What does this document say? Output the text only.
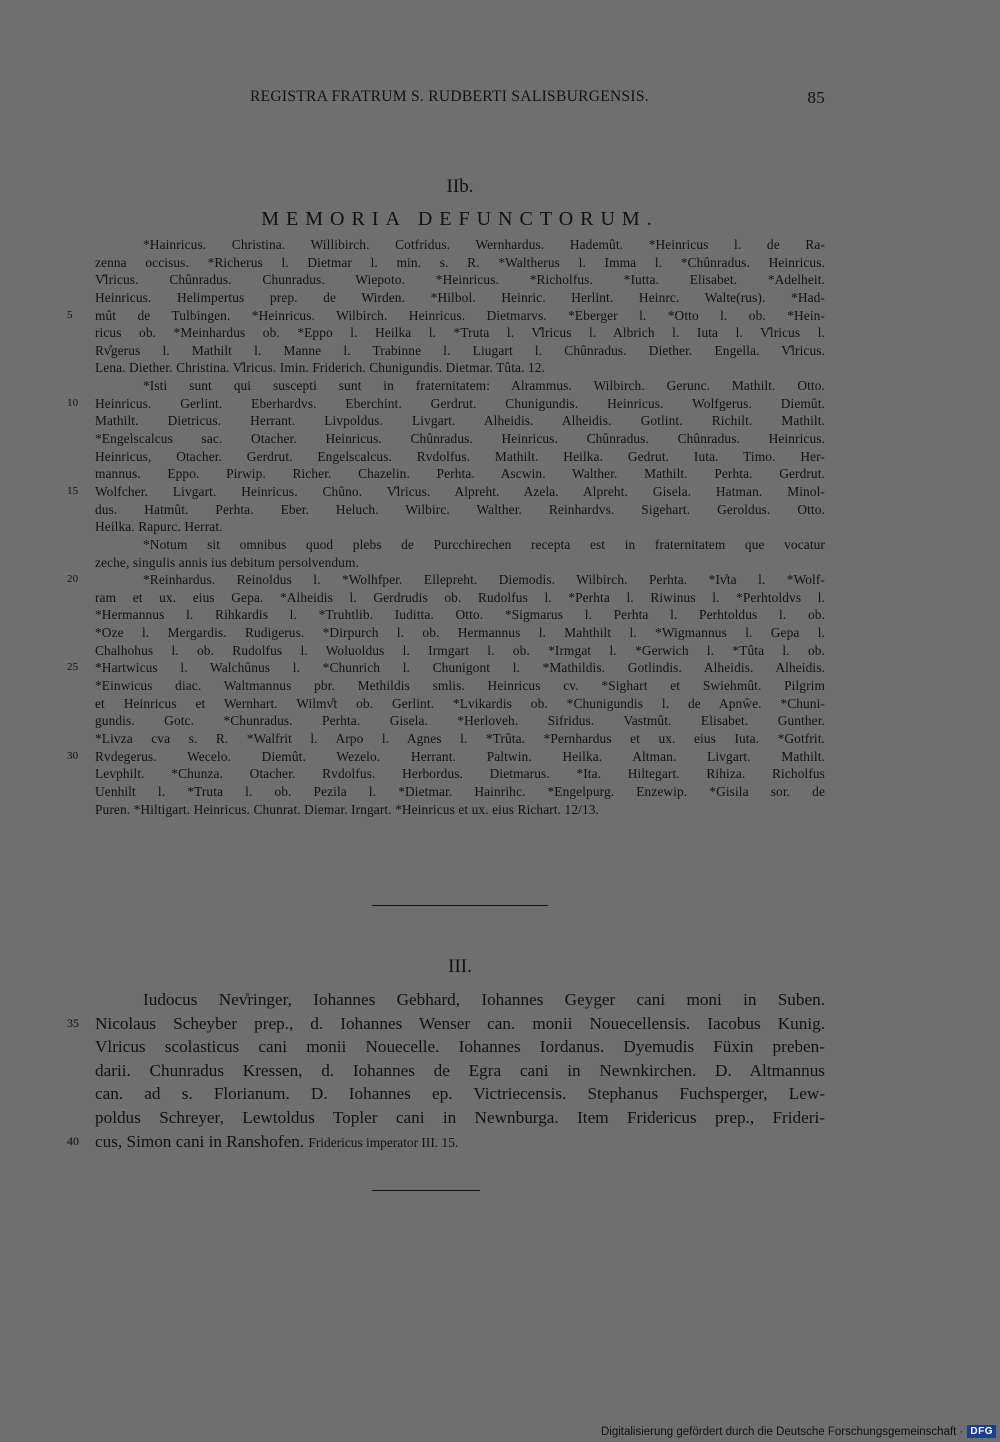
REGISTRA FRATRUM S. RUDBERTI SALISBURGENSIS.	85
IIb.
MEMORIA DEFUNCTORUM.
*Hainricus. Christina. Willibirch. Cotfridus. Wernhardus. Hademût. *Heinricus l. de Ra-
zenna occisus. *Richerus l. Dietmar l. min. s. R. *Waltherus l. Imma l. *Chûnradus. Heinricus.
V̊lricus. Chûnradus. Chunradus. Wiepoto. *Heinricus. *Richolfus. *Iutta. Elisabet. *Adelheit.
Heinricus. Helimpertus prep. de Wirden. *Hilbol. Heinric. Herlint. Heinrc. Walte(rus). *Had-
5	mût de Tulbingen. *Heinricus. Wilbirch. Heinricus. Dietmarvs. *Eberger l. *Otto l. ob. *Hein-
ricus ob. *Meinhardus ob. *Eppo l. Heilka l. *Truta l. V̊lricus l. Albrich l. Iuta l. V̊lricus l.
Rv̊gerus l. Mathilt l. Manne l. Trabinne l. Liugart l. Chûnradus. Diether. Engella. V̊lricus.
Lena. Diether. Christina. V̊lricus. Imin. Friderich. Chunigundis. Dietmar. Tûta. 12.
*Isti sunt qui suscepti sunt in fraternitatem: Alrammus. Wilbirch. Gerunc. Mathilt. Otto.
10	Heinricus. Gerlint. Eberhardvs. Eberchint. Gerdrut. Chunigundis. Heinricus. Wolfgerus. Diemût.
Mathilt. Dietricus. Herrant. Livpoldus. Livgart. Alheidis. Alheidis. Gotlint. Richilt. Mathilt.
*Engelscalcus sac. Otacher. Heinricus. Chûnradus. Heinricus. Chûnradus. Chûnradus. Heinricus.
Heinricus, Otacher. Gerdrut. Engelscalcus. Rvdolfus. Mathilt. Heilka. Gedrut. Iuta. Timo. Her-
mannus. Eppo. Pirwip. Richer. Chazelin. Perhta. Ascwin. Walther. Mathilt. Perhta. Gerdrut.
15	Wolfcher. Livgart. Heinricus. Chûno. V̊lricus. Alpreht. Azela. Alpreht. Gisela. Hatman. Minol-
dus. Hatmût. Perhta. Eber. Heluch. Wilbirc. Walther. Reinhardvs. Sigehart. Geroldus. Otto.
Heilka. Rapurc. Herrat.
*Notum sit omnibus quod plebs de Purcchirechen recepta est in fraternitatem que vocatur
zeche, singulis annis ius debitum persolvendum.
20	*Reinhardus. Reinoldus l. *Wolhfper. Ellepreht. Diemodis. Wilbirch. Perhta. *Iv̊ta l. *Wolf-
ram et ux. eius Gepa. *Alheidis l. Gerdrudis ob. Rudolfus l. *Perhta l. Riwinus l. *Perhtoldvs l.
*Hermannus l. Rihkardis l. *Truhtlib. Iuditta. Otto. *Sigmarus l. Perhta l. Perhtoldus l. ob.
*Oze l. Mergardis. Rudigerus. *Dirpurch l. ob. Hermannus l. Mahthilt l. *Wigmannus l. Gepa l.
Chalhohus l. ob. Rudolfus l. Woluoldus l. Irmgart l. ob. *Irmgat l. *Gerwich l. *Tûta l. ob.
25	*Hartwicus l. Walchûnus l. *Chunrich l. Chunigont l. *Mathildis. Gotlindis. Alheidis. Alheidis.
*Einwicus diac. Waltmannus pbr. Methildis smlis. Heinricus cv. *Sighart et Swiehmût. Pilgrim
et Heinricus et Wernhart. Wilmv̊t ob. Gerlint. *Lvikardis ob. *Chunigundis l. de Apnŵe. *Chuni-
gundis. Gotc. *Chunradus. Perhta. Gisela. *Herloveh. Sifridus. Vastmût. Elisabet. Gunther.
*Livza cva s. R. *Walfrit l. Arpo l. Agnes l. *Trûta. *Pernhardus et ux. eius Iuta. *Gotfrit.
30	Rvdegerus. Wecelo. Diemût. Wezelo. Herrant. Paltwin. Heilka. Altman. Livgart. Mathilt.
Levphilt. *Chunza. Otacher. Rvdolfus. Herbordus. Dietmarus. *Ita. Hiltegart. Rihiza. Richolfus
Uenhilt l. *Truta l. ob. Pezila l. *Dietmar. Hainrihc. *Engelpurg. Enzewip. *Gisila sor. de
Puren. *Hiltigart. Heinricus. Chunrat. Diemar. Irngart. *Heinricus et ux. eius Richart. 12/13.
III.
Iudocus Nev̊ringer, Iohannes Gebhard, Iohannes Geyger cani moni in Suben.
35 Nicolaus Scheyber prep., d. Iohannes Wenser can. monii Nouecellensis. Iacobus Kunig.
Vlricus scolasticus cani monii Nouecelle. Iohannes Iordanus. Dyemudis Füxin preben-
darii. Chunradus Kressen, d. Iohannes de Egra cani in Newnkirchen. D. Altmannus
can. ad s. Florianum. D. Iohannes ep. Victriecensis. Stephanus Fuchsperger, Lew-
poldus Schreyer, Lewtoldus Topler cani in Newnburga. Item Fridericus prep., Frideri-
40 cus, Simon cani in Ranshofen. Fridericus imperator III. 15.
Digitalisierung gefördert durch die Deutsche Forschungsgemeinschaft · DFG
